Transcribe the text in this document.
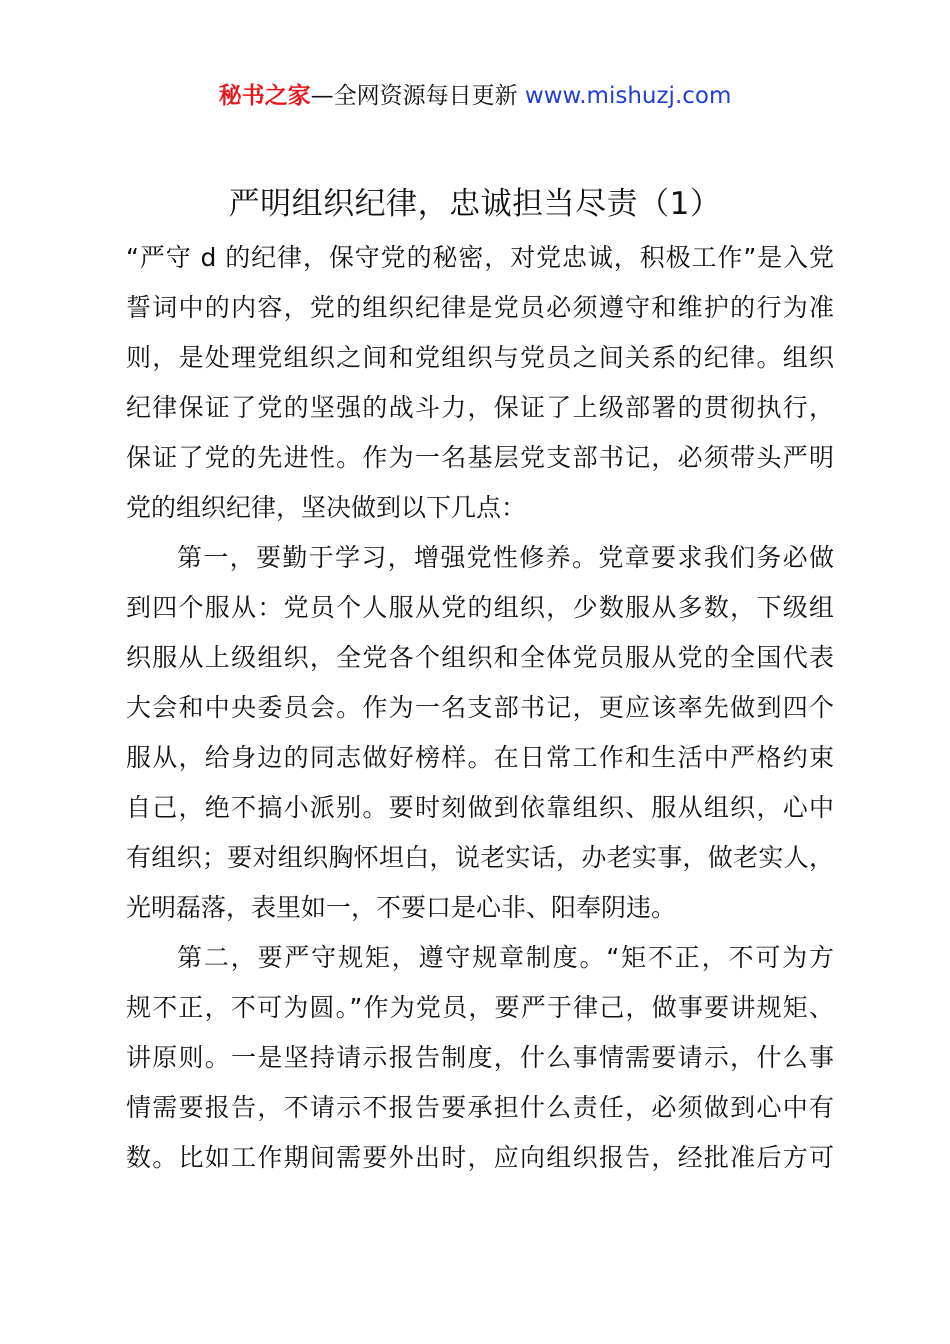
秘书之家—全网资源每日更新 www.mishuzj.com
严明组织纪律，忠诚担当尽责（1）
“严守 d 的纪律，保守党的秘密，对党忠诚，积极工作”是入党
誓词中的内容，党的组织纪律是党员必须遵守和维护的行为准
则，是处理党组织之间和党组织与党员之间关系的纪律。组织
纪律保证了党的坚强的战斗力，保证了上级部署的贯彻执行，
保证了党的先进性。作为一名基层党支部书记，必须带头严明
党的组织纪律，坚决做到以下几点：
第一，要勤于学习，增强党性修养。党章要求我们务必做
到四个服从：党员个人服从党的组织，少数服从多数，下级组
织服从上级组织，全党各个组织和全体党员服从党的全国代表
大会和中央委员会。作为一名支部书记，更应该率先做到四个
服从，给身边的同志做好榜样。在日常工作和生活中严格约束
自己，绝不搞小派别。要时刻做到依靠组织、服从组织，心中
有组织；要对组织胸怀坦白，说老实话，办老实事，做老实人，
光明磊落，表里如一，不要口是心非、阳奉阴违。
第二，要严守规矩，遵守规章制度。“矩不正，不可为方
规不正，不可为圆。”作为党员，要严于律己，做事要讲规矩、
讲原则。一是坚持请示报告制度，什么事情需要请示，什么事
情需要报告，不请示不报告要承担什么责任，必须做到心中有
数。比如工作期间需要外出时，应向组织报告，经批准后方可
